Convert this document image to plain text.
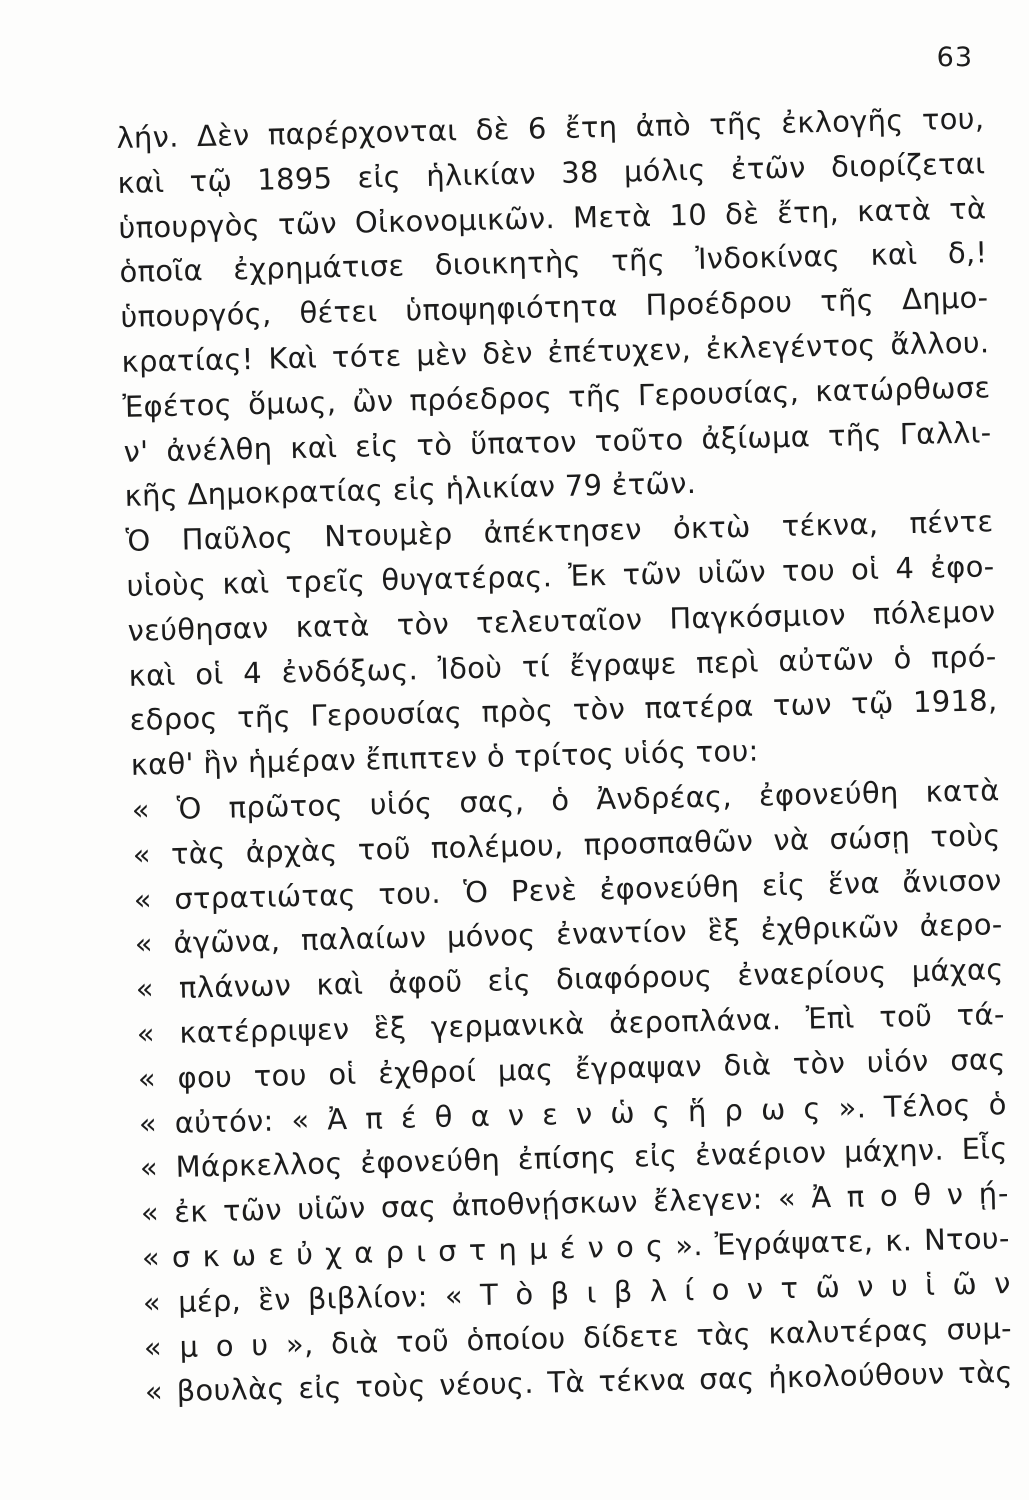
63
λήν. Δὲν παρέρχονται δὲ 6 ἔτη ἀπὸ τῆς ἐκλογῆς του,
καὶ τῷ 1895 εἰς ἡλικίαν 38 μόλις ἐτῶν διορίζεται
ὑπουργὸς τῶν Οἰκονομικῶν. Μετὰ 10 δὲ ἔτη, κατὰ τὰ
ὁποῖα ἐχρημάτισε διοικητὴς τῆς Ἰνδοκίνας καὶ δ,!
ὑπουργός, θέτει ὑποψηφιότητα Προέδρου τῆς Δημο-
κρατίας! Καὶ τότε μὲν δὲν ἐπέτυχεν, ἐκλεγέντος ἄλλου.
Ἐφέτος ὅμως, ὢν πρόεδρος τῆς Γερουσίας, κατώρθωσε
ν' ἀνέλθη καὶ εἰς τὸ ὕπατον τοῦτο ἀξίωμα τῆς Γαλλι-
κῆς Δημοκρατίας εἰς ἡλικίαν 79 ἐτῶν.
Ὁ Παῦλος Ντουμὲρ ἀπέκτησεν ὀκτὼ τέκνα, πέντε
υἱοὺς καὶ τρεῖς θυγατέρας. Ἐκ τῶν υἱῶν του οἱ 4 ἐφο-
νεύθησαν κατὰ τὸν τελευταῖον Παγκόσμιον πόλεμον
καὶ οἱ 4 ἐνδόξως. Ἰδοὺ τί ἔγραψε περὶ αὐτῶν ὁ πρό-
εδρος τῆς Γερουσίας πρὸς τὸν πατέρα των τῷ 1918,
καθ' ἣν ἡμέραν ἔπιπτεν ὁ τρίτος υἱός του:
« Ὁ πρῶτος υἱός σας, ὁ Ἀνδρέας, ἐφονεύθη κατὰ
« τὰς ἀρχὰς τοῦ πολέμου, προσπαθῶν νὰ σώσῃ τοὺς
« στρατιώτας του. Ὁ Ρενὲ ἐφονεύθη εἰς ἕνα ἄνισον
« ἀγῶνα, παλαίων μόνος ἐναντίον ἓξ ἐχθρικῶν ἀερο-
« πλάνων καὶ ἀφοῦ εἰς διαφόρους ἐναερίους μάχας
« κατέρριψεν ἓξ γερμανικὰ ἀεροπλάνα. Ἐπὶ τοῦ τά-
« φου του οἱ ἐχθροί μας ἔγραψαν διὰ τὸν υἱόν σας
« αὐτόν: « Ἀ π έ θ α ν ε ν ὡ ς ἥ ρ ω ς ». Τέλος ὁ
« Μάρκελλος ἐφονεύθη ἐπίσης εἰς ἐναέριον μάχην. Εἷς
« ἐκ τῶν υἱῶν σας ἀποθνῄσκων ἔλεγεν: « Ἀ π ο θ ν ῄ-
« σ κ ω ε ὐ χ α ρ ι σ τ η μ έ ν ο ς ». Ἐγράψατε, κ. Ντου-
« μέρ, ἓν βιβλίον: « Τ ὸ β ι β λ ί ο ν τ ῶ ν υ ἱ ῶ ν
« μ ο υ », διὰ τοῦ ὁποίου δίδετε τὰς καλυτέρας συμ-
« βουλὰς εἰς τοὺς νέους. Τὰ τέκνα σας ἠκολούθουν τὰς
